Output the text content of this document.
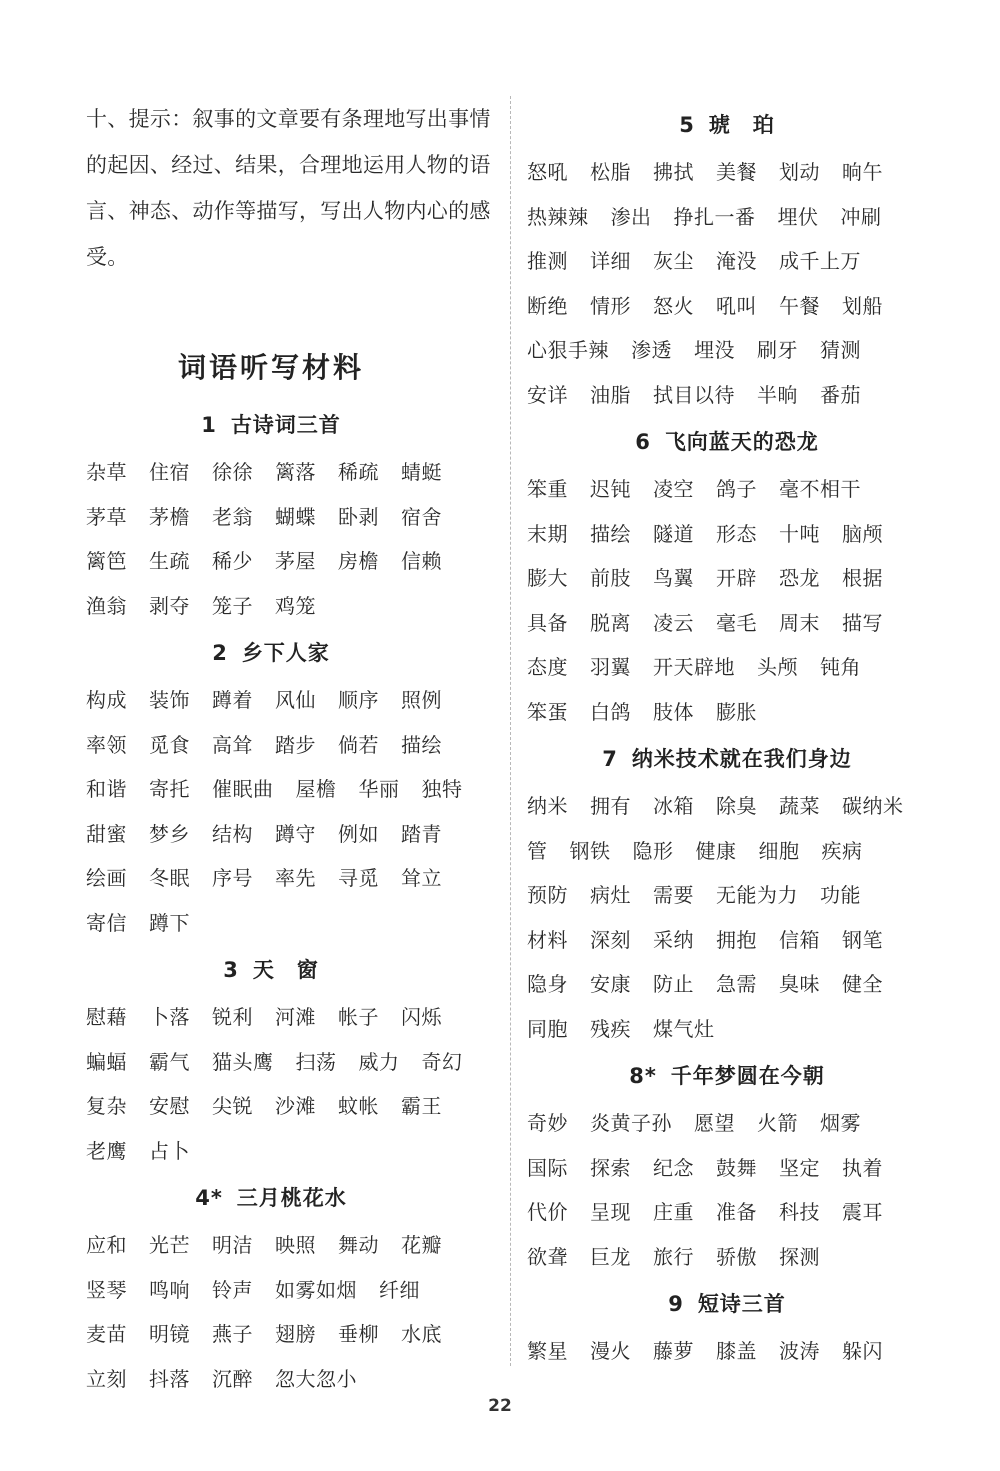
十、提示：叙事的文章要有条理地写出事情的起因、经过、结果，合理地运用人物的语言、神态、动作等描写，写出人物内心的感受。
词语听写材料
1 古诗词三首
杂草 住宿 徐徐 篱落 稀疏 蜻蜓
茅草 茅檐 老翁 蝴蝶 卧剥 宿舍
篱笆 生疏 稀少 茅屋 房檐 信赖
渔翁 剥夺 笼子 鸡笼
2 乡下人家
构成 装饰 蹲着 风仙 顺序 照例
率领 觅食 高耸 踏步 倘若 描绘
和谐 寄托 催眠曲 屋檐 华丽 独特
甜蜜 梦乡 结构 蹲守 例如 踏青
绘画 冬眠 序号 率先 寻觅 耸立
寄信 蹲下
3 天　窗
慰藉 卜落 锐利 河滩 帐子 闪烁
蝙蝠 霸气 猫头鹰 扫荡 威力 奇幻
复杂 安慰 尖锐 沙滩 蚊帐 霸王
老鹰 占卜
4* 三月桃花水
应和 光芒 明洁 映照 舞动 花瓣
竖琴 鸣响 铃声 如雾如烟 纤细
麦苗 明镜 燕子 翅膀 垂柳 水底
立刻 抖落 沉醉 忽大忽小
5 琥　珀
怒吼 松脂 拂拭 美餐 划动 晌午
热辣辣 渗出 挣扎一番 埋伏 冲刷
推测 详细 灰尘 淹没 成千上万
断绝 情形 怒火 吼叫 午餐 划船
心狠手辣 渗透 埋没 刷牙 猜测
安详 油脂 拭目以待 半晌 番茄
6 飞向蓝天的恐龙
笨重 迟钝 凌空 鸽子 毫不相干
末期 描绘 隧道 形态 十吨 脑颅
膨大 前肢 鸟翼 开辟 恐龙 根据
具备 脱离 凌云 毫毛 周末 描写
态度 羽翼 开天辟地 头颅 钝角
笨蛋 白鸽 肢体 膨胀
7 纳米技术就在我们身边
纳米 拥有 冰箱 除臭 蔬菜 碳纳米
管 钢铁 隐形 健康 细胞 疾病
预防 病灶 需要 无能为力 功能
材料 深刻 采纳 拥抱 信箱 钢笔
隐身 安康 防止 急需 臭味 健全
同胞 残疾 煤气灶
8* 千年梦圆在今朝
奇妙 炎黄子孙 愿望 火箭 烟雾
国际 探索 纪念 鼓舞 坚定 执着
代价 呈现 庄重 准备 科技 震耳
欲聋 巨龙 旅行 骄傲 探测
9 短诗三首
繁星 漫火 藤萝 膝盖 波涛 躲闪
22
